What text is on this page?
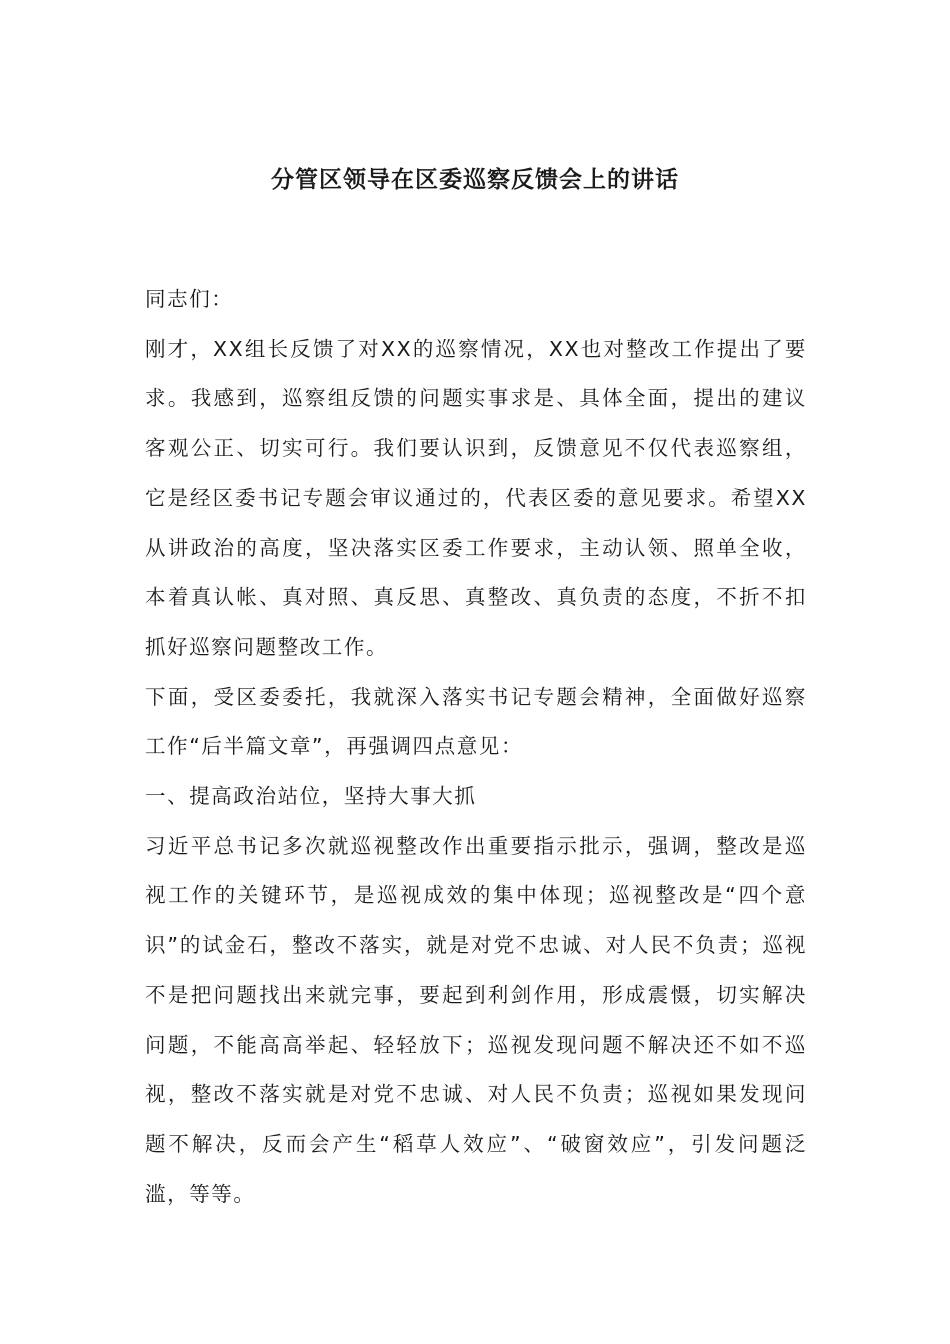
分管区领导在区委巡察反馈会上的讲话

同志们：

刚才，XX组长反馈了对XX的巡察情况，XX也对整改工作提出了要求。我感到，巡察组反馈的问题实事求是、具体全面，提出的建议客观公正、切实可行。我们要认识到，反馈意见不仅代表巡察组，它是经区委书记专题会审议通过的，代表区委的意见要求。希望XX从讲政治的高度，坚决落实区委工作要求，主动认领、照单全收，本着真认帐、真对照、真反思、真整改、真负责的态度，不折不扣抓好巡察问题整改工作。

下面，受区委委托，我就深入落实书记专题会精神，全面做好巡察工作“后半篇文章”，再强调四点意见：

一、提高政治站位，坚持大事大抓

习近平总书记多次就巡视整改作出重要指示批示，强调，整改是巡视工作的关键环节，是巡视成效的集中体现；巡视整改是“四个意识”的试金石，整改不落实，就是对党不忠诚、对人民不负责；巡视不是把问题找出来就完事，要起到利剑作用，形成震慑，切实解决问题，不能高高举起、轻轻放下；巡视发现问题不解决还不如不巡视，整改不落实就是对党不忠诚、对人民不负责；巡视如果发现问题不解决，反而会产生“稻草人效应”、“破窗效应”，引发问题泛滥，等等。
